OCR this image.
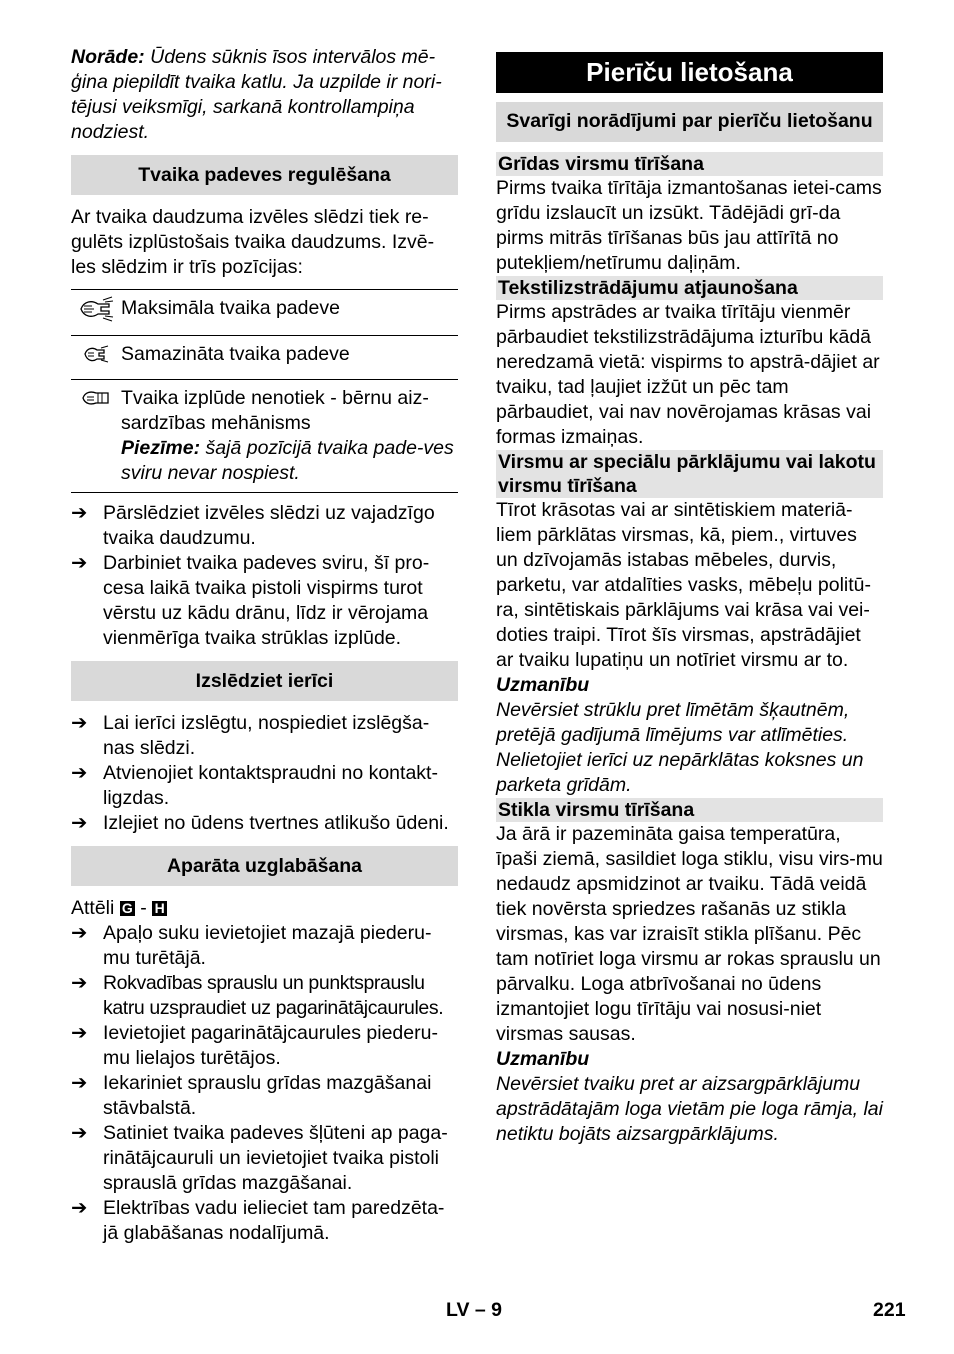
Norāde: Ūdens sūknis īsos intervālos mē-ģina piepildīt tvaika katlu. Ja uzpilde ir nori-tējusi veiksmīgi, sarkanā kontrollampiņa nodziest.

Tvaika padeves regulēšana

Ar tvaika daudzuma izvēles slēdzi tiek re-gulēts izplūstošais tvaika daudzums. Izvē-les slēdzim ir trīs pozīcijas:

	Maksimāla tvaika padeve
	Samazināta tvaika padeve

Tvaika izplūde nenotiek - bērnu aiz-sardzības mehānisms
Piezīme: šajā pozīcijā tvaika pade-ves sviru nevar nospiest.
➔ Pārslēdziet izvēles slēdzi uz vajadzīgo tvaika daudzumu.
➔ Darbiniet tvaika padeves sviru, šī pro-cesa laikā tvaika pistoli vispirms turot vērstu uz kādu drānu, līdz ir vērojama vienmērīga tvaika strūklas izplūde.
Izslēdziet ierīci
➔ Lai ierīci izslēgtu, nospiediet izslēgša-nas slēdzi.
➔ Atvienojiet kontaktspraudni no kontakt-ligzdas.
➔ Izlejiet no ūdens tvertnes atlikušo ūdeni.
Aparāta uzglabāšana

Attēli G - H

➔ Apaļo suku ievietojiet mazajā piederu-mu turētājā.
➔ Rokvadības sprauslu un punktsprauslu katru uzspraudiet uz pagarinātājcaurules.
➔ Ievietojiet pagarinātājcaurules piederu-mu lielajos turētājos.
➔ Iekariniet sprauslu grīdas mazgāšanai stāvbalstā.
➔ Satiniet tvaika padeves šļūteni ap paga-rinātājcauruli un ievietojiet tvaika pistoli sprauslā grīdas mazgāšanai.
➔ Elektrības vadu ielieciet tam paredzēta-jā glabāšanas nodalījumā.
Pierīču lietošana
Svarīgi norādījumi par pierīču lietošanu
Grīdas virsmu tīrīšana

Pirms tvaika tīrītāja izmantošanas ietei-cams grīdu izslaucīt un izsūkt. Tādējādi grī-da pirms mitrās tīrīšanas būs jau attīrītā no putekļiem/netīrumu daļiņām.

Tekstilizstrādājumu atjaunošana

Pirms apstrādes ar tvaika tīrītāju vienmēr pārbaudiet tekstilizstrādājuma izturību kādā neredzamā vietā: vispirms to apstrā-dājiet ar tvaiku, tad ļaujiet izžūt un pēc tam pārbaudiet, vai nav novērojamas krāsas vai formas izmaiņas.

Virsmu ar speciālu pārklājumu vai lakotu virsmu tīrīšana

Tīrot krāsotas vai ar sintētiskiem materiā-liem pārklātas virsmas, kā, piem., virtuves un dzīvojamās istabas mēbeles, durvis, parketu, var atdalīties vasks, mēbeļu politū-ra, sintētiskais pārklājums vai krāsa vai vei-doties traipi. Tīrot šīs virsmas, apstrādājiet ar tvaiku lupatiņu un notīriet virsmu ar to.

Uzmanību

Nevērsiet strūklu pret līmētām šķautnēm, pretējā gadījumā līmējums var atlīmēties. Nelietojiet ierīci uz nepārklātas koksnes un parketa grīdām.

Stikla virsmu tīrīšana

Ja ārā ir pazemināta gaisa temperatūra, īpaši ziemā, sasildiet loga stiklu, visu virs-mu nedaudz apsmidzinot ar tvaiku. Tādā veidā tiek novērsta spriedzes rašanās uz stikla virsmas, kas var izraisīt stikla plīšanu. Pēc tam notīriet loga virsmu ar rokas sprauslu un pārvalku. Loga atbrīvošanai no ūdens izmantojiet logu tīrītāju vai nosusi-niet virsmas sausas.

Uzmanību

Nevērsiet tvaiku pret ar aizsargpārklājumu apstrādātajām loga vietām pie loga rāmja, lai netiktu bojāts aizsargpārklājums.

LV – 9	221
